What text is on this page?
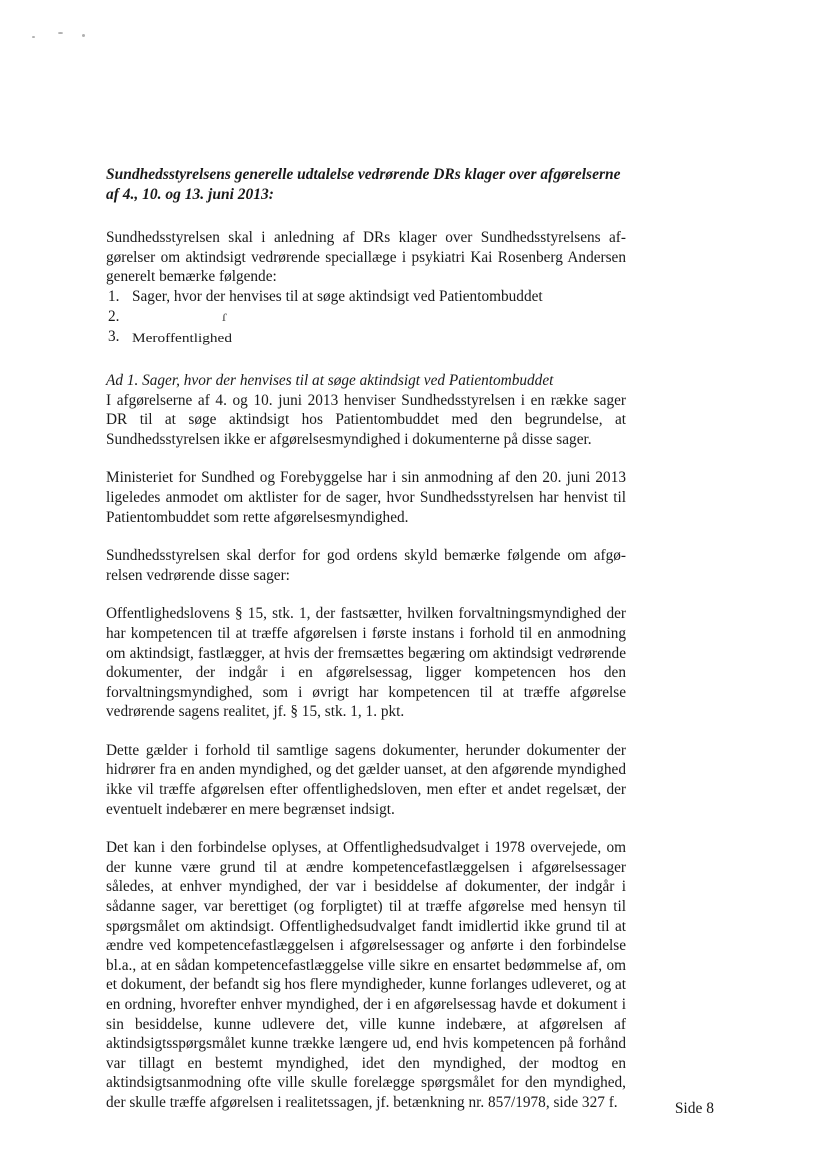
Sundhedsstyrelsens generelle udtalelse vedrørende DRs klager over afgørelserne af 4., 10. og 13. juni 2013:

Sundhedsstyrelsen skal i anledning af DRs klager over Sundhedsstyrelsens afgørelser om aktindsigt vedrørende speciallæge i psykiatri Kai Rosenberg Andersen generelt bemærke følgende:

1. Sager, hvor der henvises til at søge aktindsigt ved Patientombuddet
2.	ɾ
3. Meroffentlighed

Ad 1. Sager, hvor der henvises til at søge aktindsigt ved Patientombuddet
I afgørelserne af 4. og 10. juni 2013 henviser Sundhedsstyrelsen i en række sager DR til at søge aktindsigt hos Patientombuddet med den begrundelse, at Sundhedsstyrelsen ikke er afgørelsesmyndighed i dokumenterne på disse sager.

Ministeriet for Sundhed og Forebyggelse har i sin anmodning af den 20. juni 2013 ligeledes anmodet om aktlister for de sager, hvor Sundhedsstyrelsen har henvist til Patientombuddet som rette afgørelsesmyndighed.

Sundhedsstyrelsen skal derfor for god ordens skyld bemærke følgende om afgørelsen vedrørende disse sager:

Offentlighedslovens § 15, stk. 1, der fastsætter, hvilken forvaltningsmyndighed der har kompetencen til at træffe afgørelsen i første instans i forhold til en anmodning om aktindsigt, fastlægger, at hvis der fremsættes begæring om aktindsigt vedrørende dokumenter, der indgår i en afgørelsessag, ligger kompetencen hos den forvaltningsmyndighed, som i øvrigt har kompetencen til at træffe afgørelse vedrørende sagens realitet, jf. § 15, stk. 1, 1. pkt.

Dette gælder i forhold til samtlige sagens dokumenter, herunder dokumenter der hidrører fra en anden myndighed, og det gælder uanset, at den afgørende myndighed ikke vil træffe afgørelsen efter offentlighedsloven, men efter et andet regelsæt, der eventuelt indebærer en mere begrænset indsigt.

Det kan i den forbindelse oplyses, at Offentlighedsudvalget i 1978 overvejede, om der kunne være grund til at ændre kompetencefastlæggelsen i afgørelsessager således, at enhver myndighed, der var i besiddelse af dokumenter, der indgår i sådanne sager, var berettiget (og forpligtet) til at træffe afgørelse med hensyn til spørgsmålet om aktindsigt. Offentlighedsudvalget fandt imidlertid ikke grund til at ændre ved kompetencefastlæggelsen i afgørelsessager og anførte i den forbindelse bl.a., at en sådan kompetencefastlæggelse ville sikre en ensartet bedømmelse af, om et dokument, der befandt sig hos flere myndigheder, kunne forlanges udleveret, og at en ordning, hvorefter enhver myndighed, der i en afgørelsessag havde et dokument i sin besiddelse, kunne udlevere det, ville kunne indebære, at afgørelsen af aktindsigtsspørgsmålet kunne trække længere ud, end hvis kompetencen på forhånd var tillagt en bestemt myndighed, idet den myndighed, der modtog en aktindsigtsanmodning ofte ville skulle forelægge spørgsmålet for den myndighed, der skulle træffe afgørelsen i realitetssagen, jf. betænkning nr. 857/1978, side 327 f.	Side 8
